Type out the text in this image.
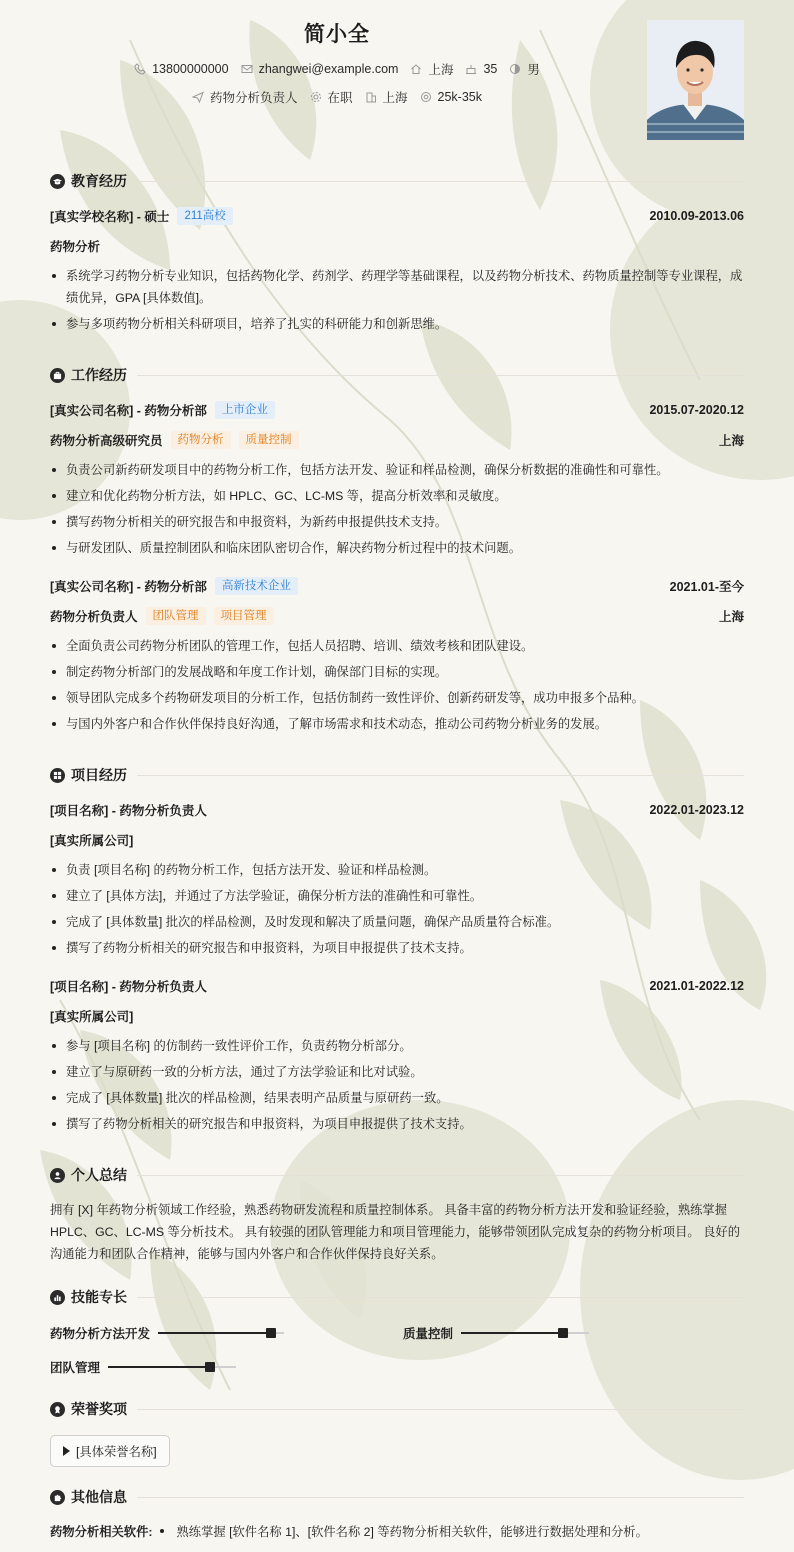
简小全
13800000000 zhangwei@example.com 上海 35 男
药物分析负责人 在职 上海 25k-35k
教育经历
[真实学校名称] - 硕士	211高校	2010.09-2013.06
药物分析
系统学习药物分析专业知识，包括药物化学、药剂学、药理学等基础课程，以及药物分析技术、药物质量控制等专业课程，成绩优异，GPA [具体数值]。
参与多项药物分析相关科研项目，培养了扎实的科研能力和创新思维。
工作经历
[真实公司名称] - 药物分析部	上市企业	2015.07-2020.12
药物分析高级研究员	药物分析	质量控制	上海
负责公司新药研发项目中的药物分析工作，包括方法开发、验证和样品检测，确保分析数据的准确性和可靠性。
建立和优化药物分析方法，如 HPLC、GC、LC-MS 等，提高分析效率和灵敏度。
撰写药物分析相关的研究报告和申报资料，为新药申报提供技术支持。
与研发团队、质量控制团队和临床团队密切合作，解决药物分析过程中的技术问题。
[真实公司名称] - 药物分析部	高新技术企业	2021.01-至今
药物分析负责人	团队管理	项目管理	上海
全面负责公司药物分析团队的管理工作，包括人员招聘、培训、绩效考核和团队建设。
制定药物分析部门的发展战略和年度工作计划，确保部门目标的实现。
领导团队完成多个药物研发项目的分析工作，包括仿制药一致性评价、创新药研发等，成功申报多个品种。
与国内外客户和合作伙伴保持良好沟通，了解市场需求和技术动态，推动公司药物分析业务的发展。
项目经历
[项目名称] - 药物分析负责人	2022.01-2023.12
[真实所属公司]
负责 [项目名称] 的药物分析工作，包括方法开发、验证和样品检测。
建立了 [具体方法]，并通过了方法学验证，确保分析方法的准确性和可靠性。
完成了 [具体数量] 批次的样品检测，及时发现和解决了质量问题，确保产品质量符合标准。
撰写了药物分析相关的研究报告和申报资料，为项目申报提供了技术支持。
[项目名称] - 药物分析负责人	2021.01-2022.12
[真实所属公司]
参与 [项目名称] 的仿制药一致性评价工作，负责药物分析部分。
建立了与原研药一致的分析方法，通过了方法学验证和比对试验。
完成了 [具体数量] 批次的样品检测，结果表明产品质量与原研药一致。
撰写了药物分析相关的研究报告和申报资料，为项目申报提供了技术支持。
个人总结

拥有 [X] 年药物分析领域工作经验，熟悉药物研发流程和质量控制体系。 具备丰富的药物分析方法开发和验证经验，熟练掌握 HPLC、GC、LC-MS 等分析技术。 具有较强的团队管理能力和项目管理能力，能够带领团队完成复杂的药物分析项目。 良好的沟通能力和团队合作精神，能够与国内外客户和合作伙伴保持良好关系。

技能专长
药物分析方法开发	质量控制
团队管理
荣誉奖项
[具体荣誉名称]
其他信息
药物分析相关软件: 熟练掌握 [软件名称 1]、[软件名称 2] 等药物分析相关软件，能够进行数据处理和分析。
